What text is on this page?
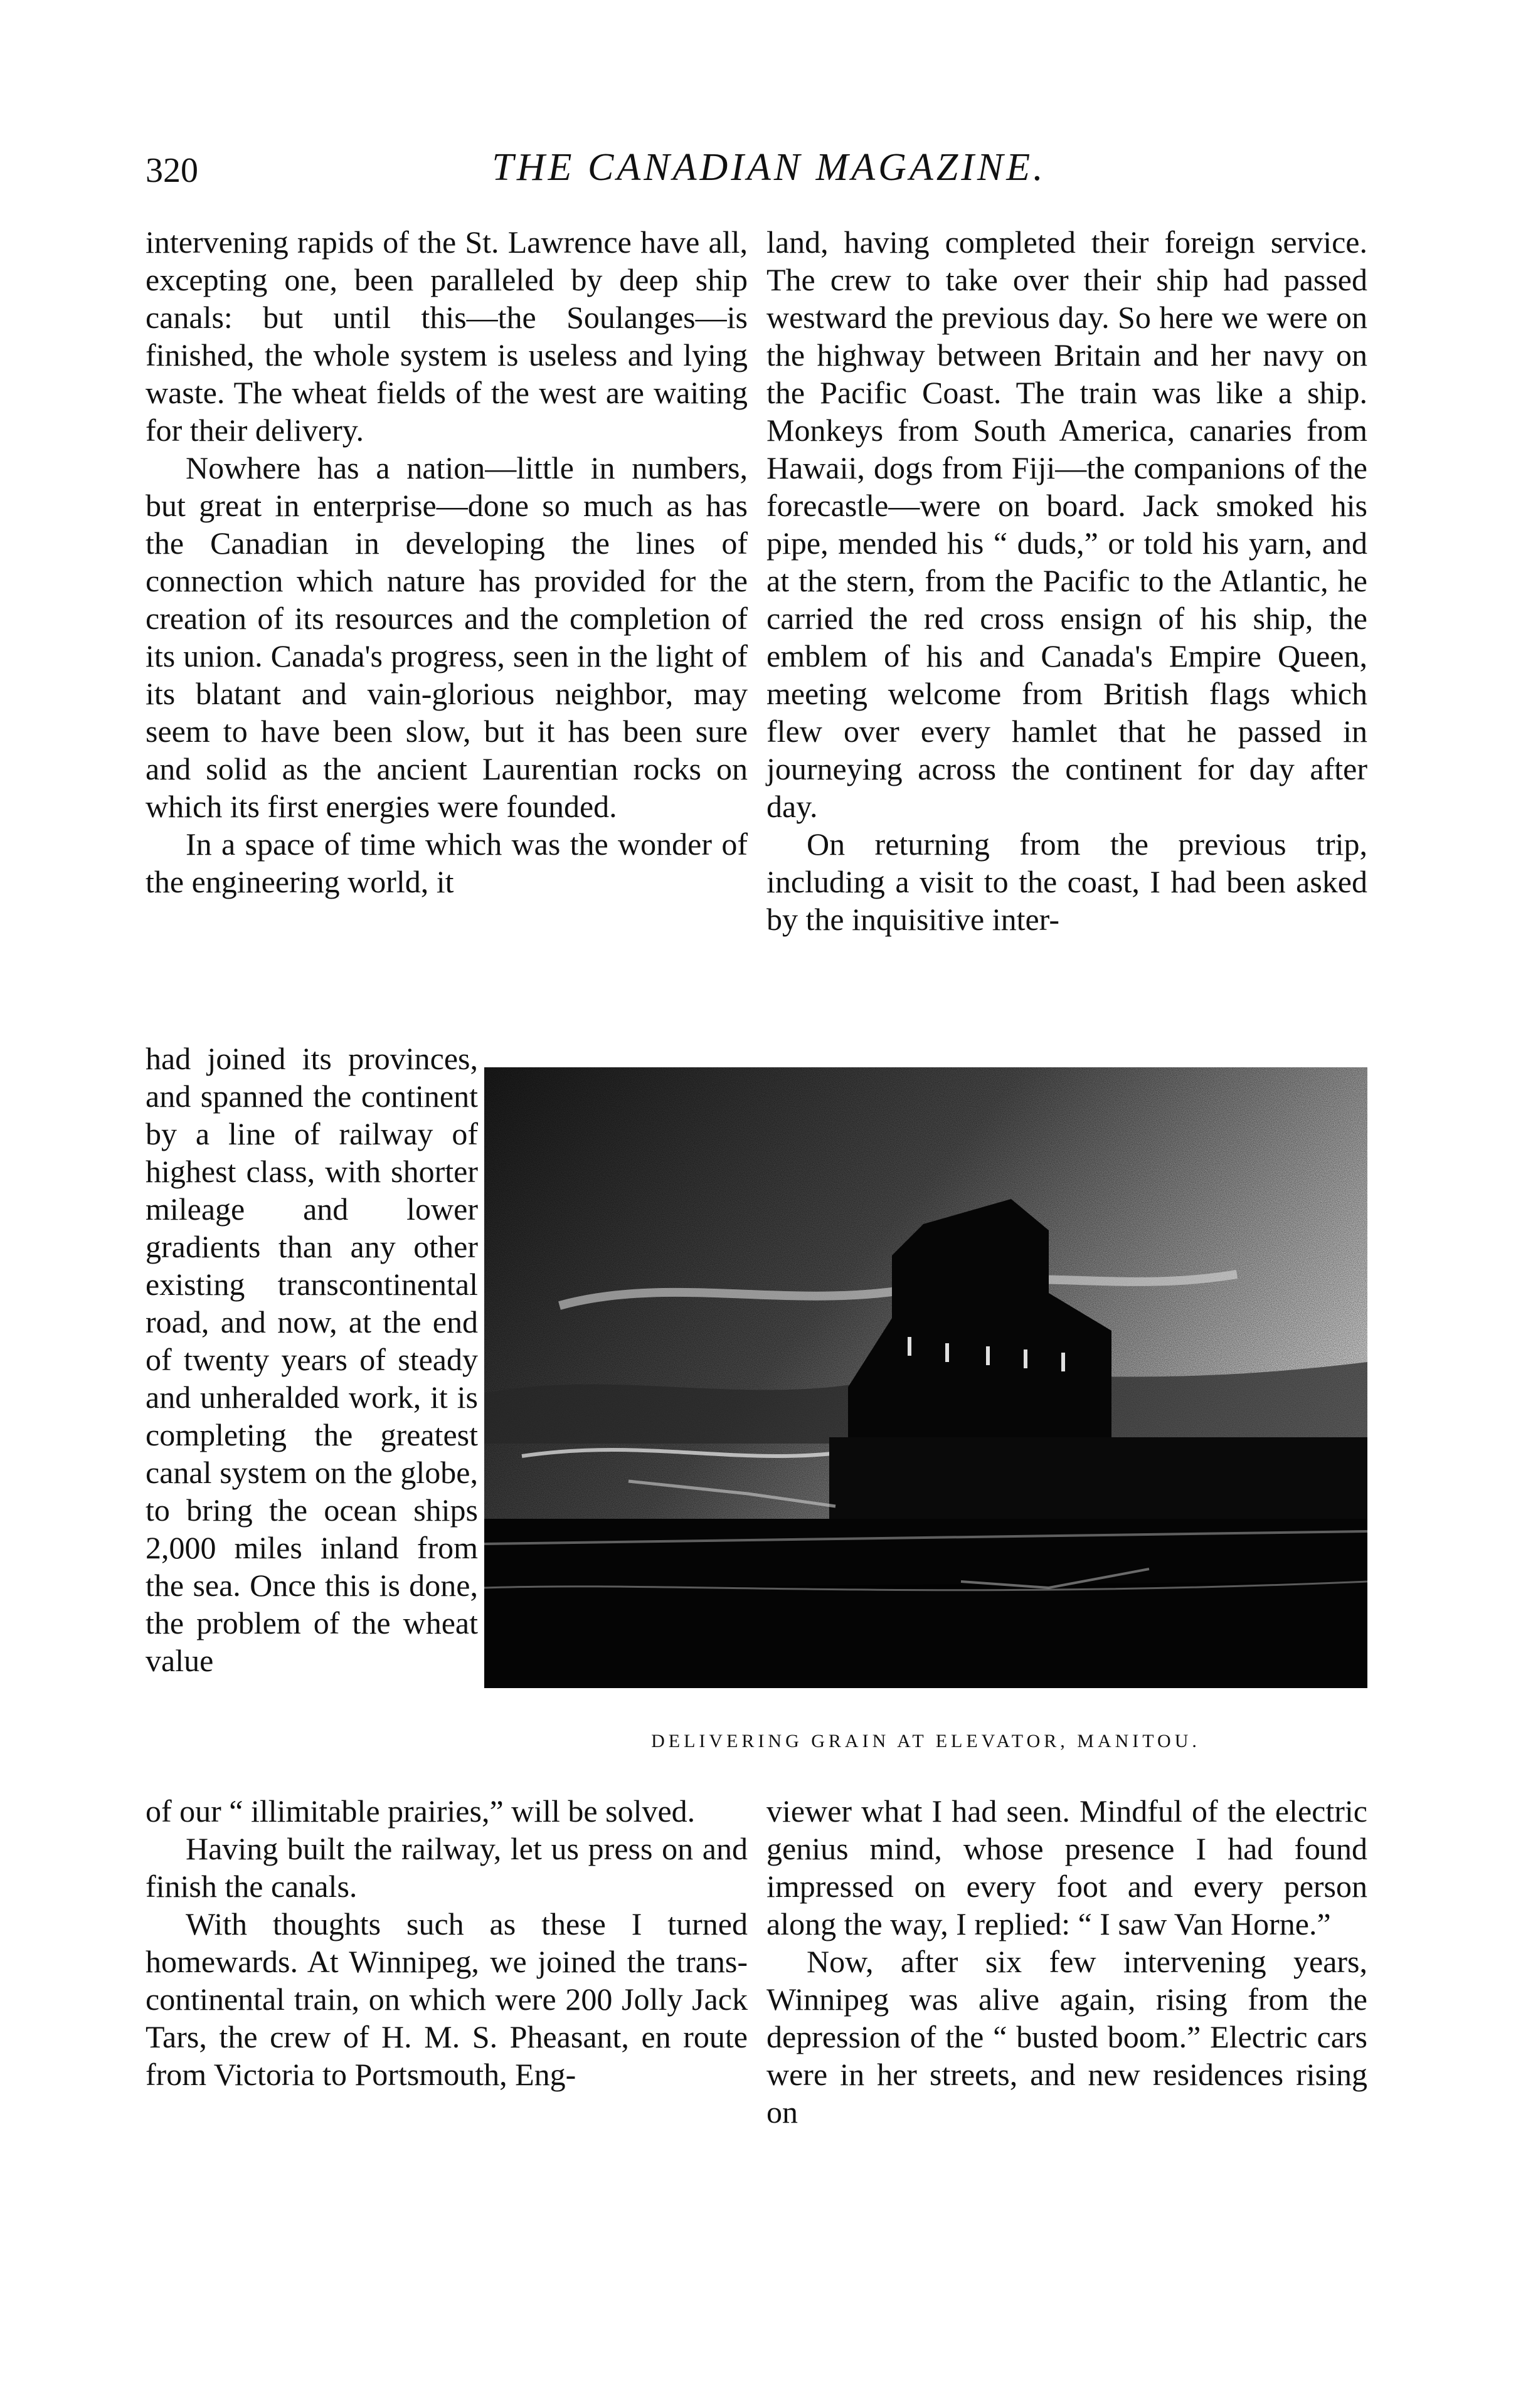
320	THE CANADIAN MAGAZINE.

intervening rapids of the St. Lawrence have all, excepting one, been paralleled by deep ship canals: but until this—the Soulanges—is finished, the whole system is useless and lying waste. The wheat fields of the west are waiting for their delivery.

Nowhere has a nation—little in numbers, but great in enterprise—done so much as has the Canadian in developing the lines of connection which nature has provided for the creation of its resources and the completion of its union. Canada's progress, seen in the light of its blatant and vain-glorious neighbor, may seem to have been slow, but it has been sure and solid as the ancient Laurentian rocks on which its first energies were founded.

In a space of time which was the wonder of the engineering world, it

land, having completed their foreign service. The crew to take over their ship had passed westward the previous day. So here we were on the highway between Britain and her navy on the Pacific Coast. The train was like a ship. Monkeys from South America, canaries from Hawaii, dogs from Fiji—the companions of the forecastle—were on board. Jack smoked his pipe, mended his “ duds,” or told his yarn, and at the stern, from the Pacific to the Atlantic, he carried the red cross ensign of his ship, the emblem of his and Canada's Empire Queen, meeting welcome from British flags which flew over every hamlet that he passed in journeying across the continent for day after day.

On returning from the previous trip, including a visit to the coast, I had been asked by the inquisitive inter-

had joined its provinces, and spanned the continent by a line of railway of highest class, with shorter mileage and lower gradients than any other existing transcontinental road, and now, at the end of twenty years of steady and unheralded work, it is completing the greatest canal system on the globe, to bring the ocean ships 2,000 miles inland from the sea. Once this is done, the problem of the wheat value

DELIVERING GRAIN AT ELEVATOR, MANITOU.

of our “ illimitable prairies,” will be solved.

Having built the railway, let us press on and finish the canals.

With thoughts such as these I turned homewards. At Winnipeg, we joined the trans-continental train, on which were 200 Jolly Jack Tars, the crew of H. M. S. Pheasant, en route from Victoria to Portsmouth, Eng-

viewer what I had seen. Mindful of the electric genius mind, whose presence I had found impressed on every foot and every person along the way, I replied: “ I saw Van Horne.”

Now, after six few intervening years, Winnipeg was alive again, rising from the depression of the “ busted boom.” Electric cars were in her streets, and new residences rising on
